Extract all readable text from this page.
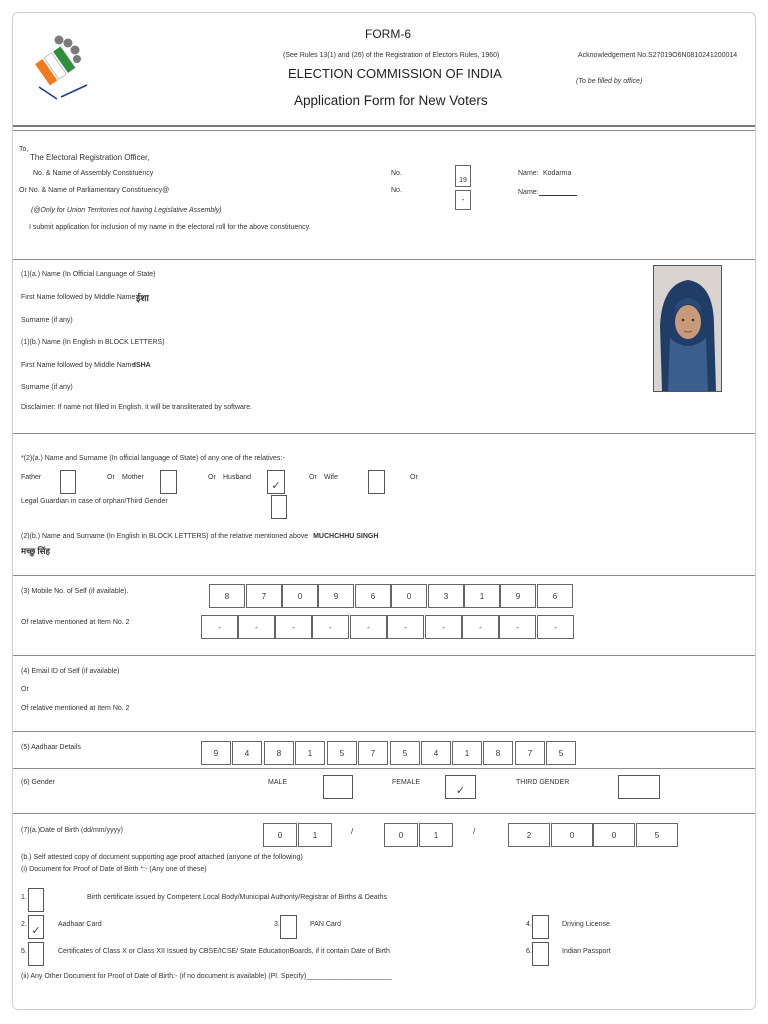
FORM-6
(See Rules 13(1) and (26) of the Registration of Electors Rules, 1960)
ELECTION COMMISSION OF INDIA
Application Form for New Voters
Acknowledgement No.S27019O6N0810241200014
(To be filled by office)
To,
The Electoral Registration Officer,
No. & Name of Assembly Constituency
Or No. & Name of Parliamentary Constituency@
No.
No.
19
-
Name: Kodarma
Name:
(@Only for Union Territories not having Legislative Assembly)
I submit application for inclusion of my name in the electoral roll for the above constituency.
(1)(a.) Name (In Official Language of State)
First Name followed by Middle Name ईशा
Surname (if any)
(1)(b.) Name (In English in BLOCK LETTERS)
First Name followed by Middle Name
ISHA
Surname (if any)
Disclaimer: If name not filled in English, it will be transliterated by software.
*(2)(a.) Name and Surname (In official language of State) of any one of the relatives:-
Father	Or Mother	Or Husband
✓
Or Wife	Or
Legal Guardian in case of orphan/Third Gender
(2)(b.) Name and Surname (In English in BLOCK LETTERS) of the relative mentioned above MUCHCHHU SINGH
मच्छु सिंह
(3) Mobile No. of Self (if available).
8	7	0	9	6	0	3	1	9	6
Of relative mentioned at Item No. 2
-	-	-	-	-	-	-	-	-	-
(4) Email ID of Self (if available)
Or
Of relative mentioned at Item No. 2
(5) Aadhaar Details
9	4	8	1	5	7	5	4	1	8	7	5
(6) Gender	MALE	FEMALE
✓
THIRD GENDER
(7)(a.)Date of Birth (dd/mm/yyyy)
0	1	0	1	2	0	0	5
/	/
(b.) Self attested copy of document supporting age proof attached (anyone of the following)
(i) Document for Proof of Date of Birth *:- (Any one of these)
1.	Birth certificate issued by Competent Local Body/Municipal Authority/Registrar of Births & Deaths
2.
✓
Aadhaar Card	3.	PAN Card	4.	Driving License
5.	Certificates of Class X or Class XII Issued by CBSE/ICSE/ State EducationBoards, if it contain Date of Birth	6.	Indian Passport
(ii) Any Other Document for Proof of Date of Birth:- (if no document is available) (Pl. Specify)______________________
